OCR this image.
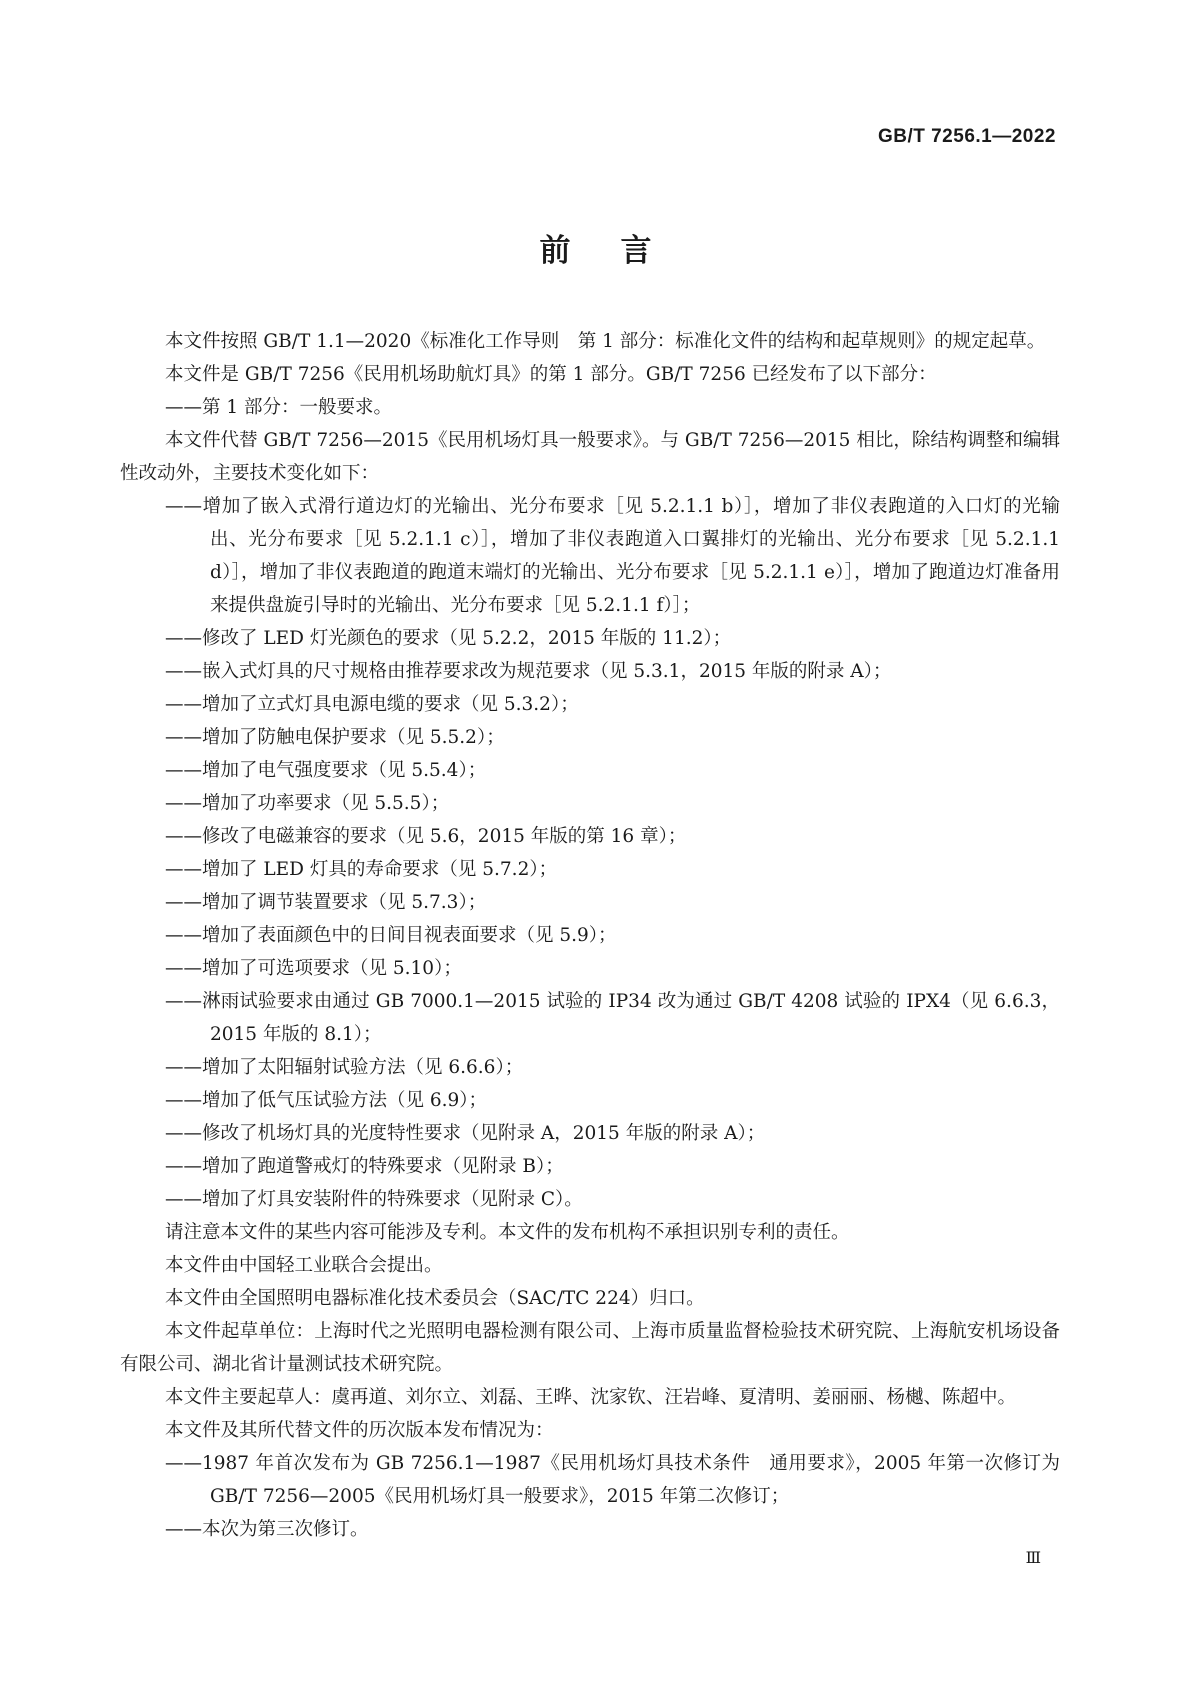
GB/T 7256.1—2022
前 言

本文件按照 GB/T 1.1—2020《标准化工作导则　第 1 部分：标准化文件的结构和起草规则》的规定起草。

本文件是 GB/T 7256《民用机场助航灯具》的第 1 部分。GB/T 7256 已经发布了以下部分：

——第 1 部分：一般要求。

本文件代替 GB/T 7256—2015《民用机场灯具一般要求》。与 GB/T 7256—2015 相比，除结构调整和编辑性改动外，主要技术变化如下：

——增加了嵌入式滑行道边灯的光输出、光分布要求［见 5.2.1.1 b）］，增加了非仪表跑道的入口灯的光输出、光分布要求［见 5.2.1.1 c）］，增加了非仪表跑道入口翼排灯的光输出、光分布要求［见 5.2.1.1 d）］，增加了非仪表跑道的跑道末端灯的光输出、光分布要求［见 5.2.1.1 e）］，增加了跑道边灯准备用来提供盘旋引导时的光输出、光分布要求［见 5.2.1.1 f）］；

——修改了 LED 灯光颜色的要求（见 5.2.2，2015 年版的 11.2）；

——嵌入式灯具的尺寸规格由推荐要求改为规范要求（见 5.3.1，2015 年版的附录 A）；

——增加了立式灯具电源电缆的要求（见 5.3.2）；

——增加了防触电保护要求（见 5.5.2）；

——增加了电气强度要求（见 5.5.4）；

——增加了功率要求（见 5.5.5）；

——修改了电磁兼容的要求（见 5.6，2015 年版的第 16 章）；

——增加了 LED 灯具的寿命要求（见 5.7.2）；

——增加了调节装置要求（见 5.7.3）；

——增加了表面颜色中的日间目视表面要求（见 5.9）；

——增加了可选项要求（见 5.10）；

——淋雨试验要求由通过 GB 7000.1—2015 试验的 IP34 改为通过 GB/T 4208 试验的 IPX4（见 6.6.3，2015 年版的 8.1）；

——增加了太阳辐射试验方法（见 6.6.6）；

——增加了低气压试验方法（见 6.9）；

——修改了机场灯具的光度特性要求（见附录 A，2015 年版的附录 A）；

——增加了跑道警戒灯的特殊要求（见附录 B）；

——增加了灯具安装附件的特殊要求（见附录 C）。

请注意本文件的某些内容可能涉及专利。本文件的发布机构不承担识别专利的责任。

本文件由中国轻工业联合会提出。

本文件由全国照明电器标准化技术委员会（SAC/TC 224）归口。

本文件起草单位：上海时代之光照明电器检测有限公司、上海市质量监督检验技术研究院、上海航安机场设备有限公司、湖北省计量测试技术研究院。

本文件主要起草人：虞再道、刘尔立、刘磊、王晔、沈家钦、汪岩峰、夏清明、姜丽丽、杨樾、陈超中。

本文件及其所代替文件的历次版本发布情况为：

——1987 年首次发布为 GB 7256.1—1987《民用机场灯具技术条件　通用要求》，2005 年第一次修订为 GB/T 7256—2005《民用机场灯具一般要求》，2015 年第二次修订；

——本次为第三次修订。

Ⅲ
